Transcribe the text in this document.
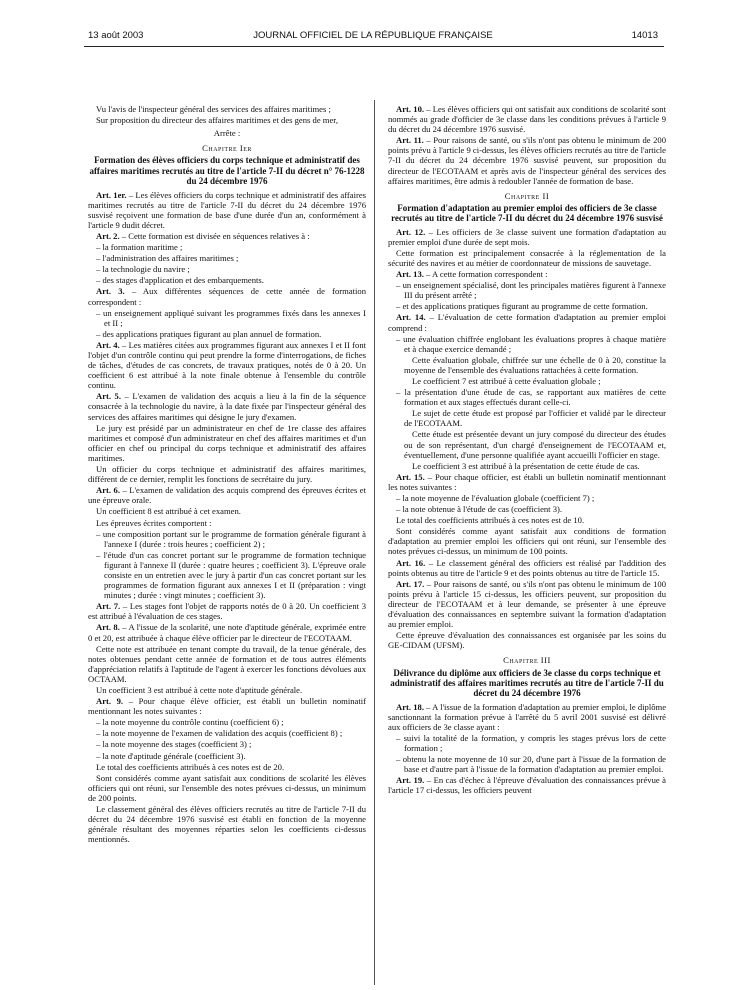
13 août 2003	JOURNAL OFFICIEL DE LA RÉPUBLIQUE FRANÇAISE	14013

Vu l'avis de l'inspecteur général des services des affaires maritimes ;

Sur proposition du directeur des affaires maritimes et des gens de mer,

Arrête :

Chapitre Ier
Formation des élèves officiers du corps technique et administratif des affaires maritimes recrutés au titre de l'article 7-II du décret n° 76-1228 du 24 décembre 1976

Art. 1er. – Les élèves officiers du corps technique et administratif des affaires maritimes recrutés au titre de l'article 7-II du décret du 24 décembre 1976 susvisé reçoivent une formation de base d'une durée d'un an, conformément à l'article 9 dudit décret.

Art. 2. – Cette formation est divisée en séquences relatives à :

– la formation maritime ;
– l'administration des affaires maritimes ;
– la technologie du navire ;
– des stages d'application et des embarquements.

Art. 3. – Aux différentes séquences de cette année de formation correspondent :

– un enseignement appliqué suivant les programmes fixés dans les annexes I et II ;
– des applications pratiques figurant au plan annuel de formation.

Art. 4. – Les matières citées aux programmes figurant aux annexes I et II font l'objet d'un contrôle continu qui peut prendre la forme d'interrogations, de fiches de tâches, d'études de cas concrets, de travaux pratiques, notés de 0 à 20. Un coefficient 6 est attribué à la note finale obtenue à l'ensemble du contrôle continu.

Art. 5. – L'examen de validation des acquis a lieu à la fin de la séquence consacrée à la technologie du navire, à la date fixée par l'inspecteur général des services des affaires maritimes qui désigne le jury d'examen.

Le jury est présidé par un administrateur en chef de 1re classe des affaires maritimes et composé d'un administrateur en chef des affaires maritimes et d'un officier en chef ou principal du corps technique et administratif des affaires maritimes.

Un officier du corps technique et administratif des affaires maritimes, différent de ce dernier, remplit les fonctions de secrétaire du jury.

Art. 6. – L'examen de validation des acquis comprend des épreuves écrites et une épreuve orale.

Un coefficient 8 est attribué à cet examen.

Les épreuves écrites comportent :

– une composition portant sur le programme de formation générale figurant à l'annexe I (durée : trois heures ; coefficient 2) ;
– l'étude d'un cas concret portant sur le programme de formation technique figurant à l'annexe II (durée : quatre heures ; coefficient 3). L'épreuve orale consiste en un entretien avec le jury à partir d'un cas concret portant sur les programmes de formation figurant aux annexes I et II (préparation : vingt minutes ; durée : vingt minutes ; coefficient 3).

Art. 7. – Les stages font l'objet de rapports notés de 0 à 20. Un coefficient 3 est attribué à l'évaluation de ces stages.

Art. 8. – A l'issue de la scolarité, une note d'aptitude générale, exprimée entre 0 et 20, est attribuée à chaque élève officier par le directeur de l'ECOTAAM.

Cette note est attribuée en tenant compte du travail, de la tenue générale, des notes obtenues pendant cette année de formation et de tous autres éléments d'appréciation relatifs à l'aptitude de l'agent à exercer les fonctions dévolues aux OCTAAM.

Un coefficient 3 est attribué à cette note d'aptitude générale.

Art. 9. – Pour chaque élève officier, est établi un bulletin nominatif mentionnant les notes suivantes :

– la note moyenne du contrôle continu (coefficient 6) ;
– la note moyenne de l'examen de validation des acquis (coefficient 8) ;
– la note moyenne des stages (coefficient 3) ;
– la note d'aptitude générale (coefficient 3).

Le total des coefficients attribués à ces notes est de 20.

Sont considérés comme ayant satisfait aux conditions de scolarité les élèves officiers qui ont réuni, sur l'ensemble des notes prévues ci-dessus, un minimum de 200 points.

Le classement général des élèves officiers recrutés au titre de l'article 7-II du décret du 24 décembre 1976 susvisé est établi en fonction de la moyenne générale résultant des moyennes réparties selon les coefficients ci-dessus mentionnés.

Art. 10. – Les élèves officiers qui ont satisfait aux conditions de scolarité sont nommés au grade d'officier de 3e classe dans les conditions prévues à l'article 9 du décret du 24 décembre 1976 susvisé.

Art. 11. – Pour raisons de santé, ou s'ils n'ont pas obtenu le minimum de 200 points prévu à l'article 9 ci-dessus, les élèves officiers recrutés au titre de l'article 7-II du décret du 24 décembre 1976 susvisé peuvent, sur proposition du directeur de l'ECOTAAM et après avis de l'inspecteur général des services des affaires maritimes, être admis à redoubler l'année de formation de base.

Chapitre II
Formation d'adaptation au premier emploi des officiers de 3e classe recrutés au titre de l'article 7-II du décret du 24 décembre 1976 susvisé

Art. 12. – Les officiers de 3e classe suivent une formation d'adaptation au premier emploi d'une durée de sept mois.

Cette formation est principalement consacrée à la réglementation de la sécurité des navires et au métier de coordonnateur de missions de sauvetage.

Art. 13. – A cette formation correspondent :

– un enseignement spécialisé, dont les principales matières figurent à l'annexe III du présent arrêté ;
– et des applications pratiques figurant au programme de cette formation.

Art. 14. – L'évaluation de cette formation d'adaptation au premier emploi comprend :

– une évaluation chiffrée englobant les évaluations propres à chaque matière et à chaque exercice demandé ;

Cette évaluation globale, chiffrée sur une échelle de 0 à 20, constitue la moyenne de l'ensemble des évaluations rattachées à cette formation.

Le coefficient 7 est attribué à cette évaluation globale ;

– la présentation d'une étude de cas, se rapportant aux matières de cette formation et aux stages effectués durant celle-ci.

Le sujet de cette étude est proposé par l'officier et validé par le directeur de l'ECOTAAM.

Cette étude est présentée devant un jury composé du directeur des études ou de son représentant, d'un chargé d'enseignement de l'ECOTAAM et, éventuellement, d'une personne qualifiée ayant accueilli l'officier en stage.

Le coefficient 3 est attribué à la présentation de cette étude de cas.

Art. 15. – Pour chaque officier, est établi un bulletin nominatif mentionnant les notes suivantes :

– la note moyenne de l'évaluation globale (coefficient 7) ;
– la note obtenue à l'étude de cas (coefficient 3).

Le total des coefficients attribués à ces notes est de 10.

Sont considérés comme ayant satisfait aux conditions de formation d'adaptation au premier emploi les officiers qui ont réuni, sur l'ensemble des notes prévues ci-dessus, un minimum de 100 points.

Art. 16. – Le classement général des officiers est réalisé par l'addition des points obtenus au titre de l'article 9 et des points obtenus au titre de l'article 15.

Art. 17. – Pour raisons de santé, ou s'ils n'ont pas obtenu le minimum de 100 points prévu à l'article 15 ci-dessus, les officiers peuvent, sur proposition du directeur de l'ECOTAAM et à leur demande, se présenter à une épreuve d'évaluation des connaissances en septembre suivant la formation d'adaptation au premier emploi.

Cette épreuve d'évaluation des connaissances est organisée par les soins du GE-CIDAM (UFSM).

Chapitre III
Délivrance du diplôme aux officiers de 3e classe du corps technique et administratif des affaires maritimes recrutés au titre de l'article 7-II du décret du 24 décembre 1976

Art. 18. – A l'issue de la formation d'adaptation au premier emploi, le diplôme sanctionnant la formation prévue à l'arrêté du 5 avril 2001 susvisé est délivré aux officiers de 3e classe ayant :

– suivi la totalité de la formation, y compris les stages prévus lors de cette formation ;
– obtenu la note moyenne de 10 sur 20, d'une part à l'issue de la formation de base et d'autre part à l'issue de la formation d'adaptation au premier emploi.

Art. 19. – En cas d'échec à l'épreuve d'évaluation des connaissances prévue à l'article 17 ci-dessus, les officiers peuvent
